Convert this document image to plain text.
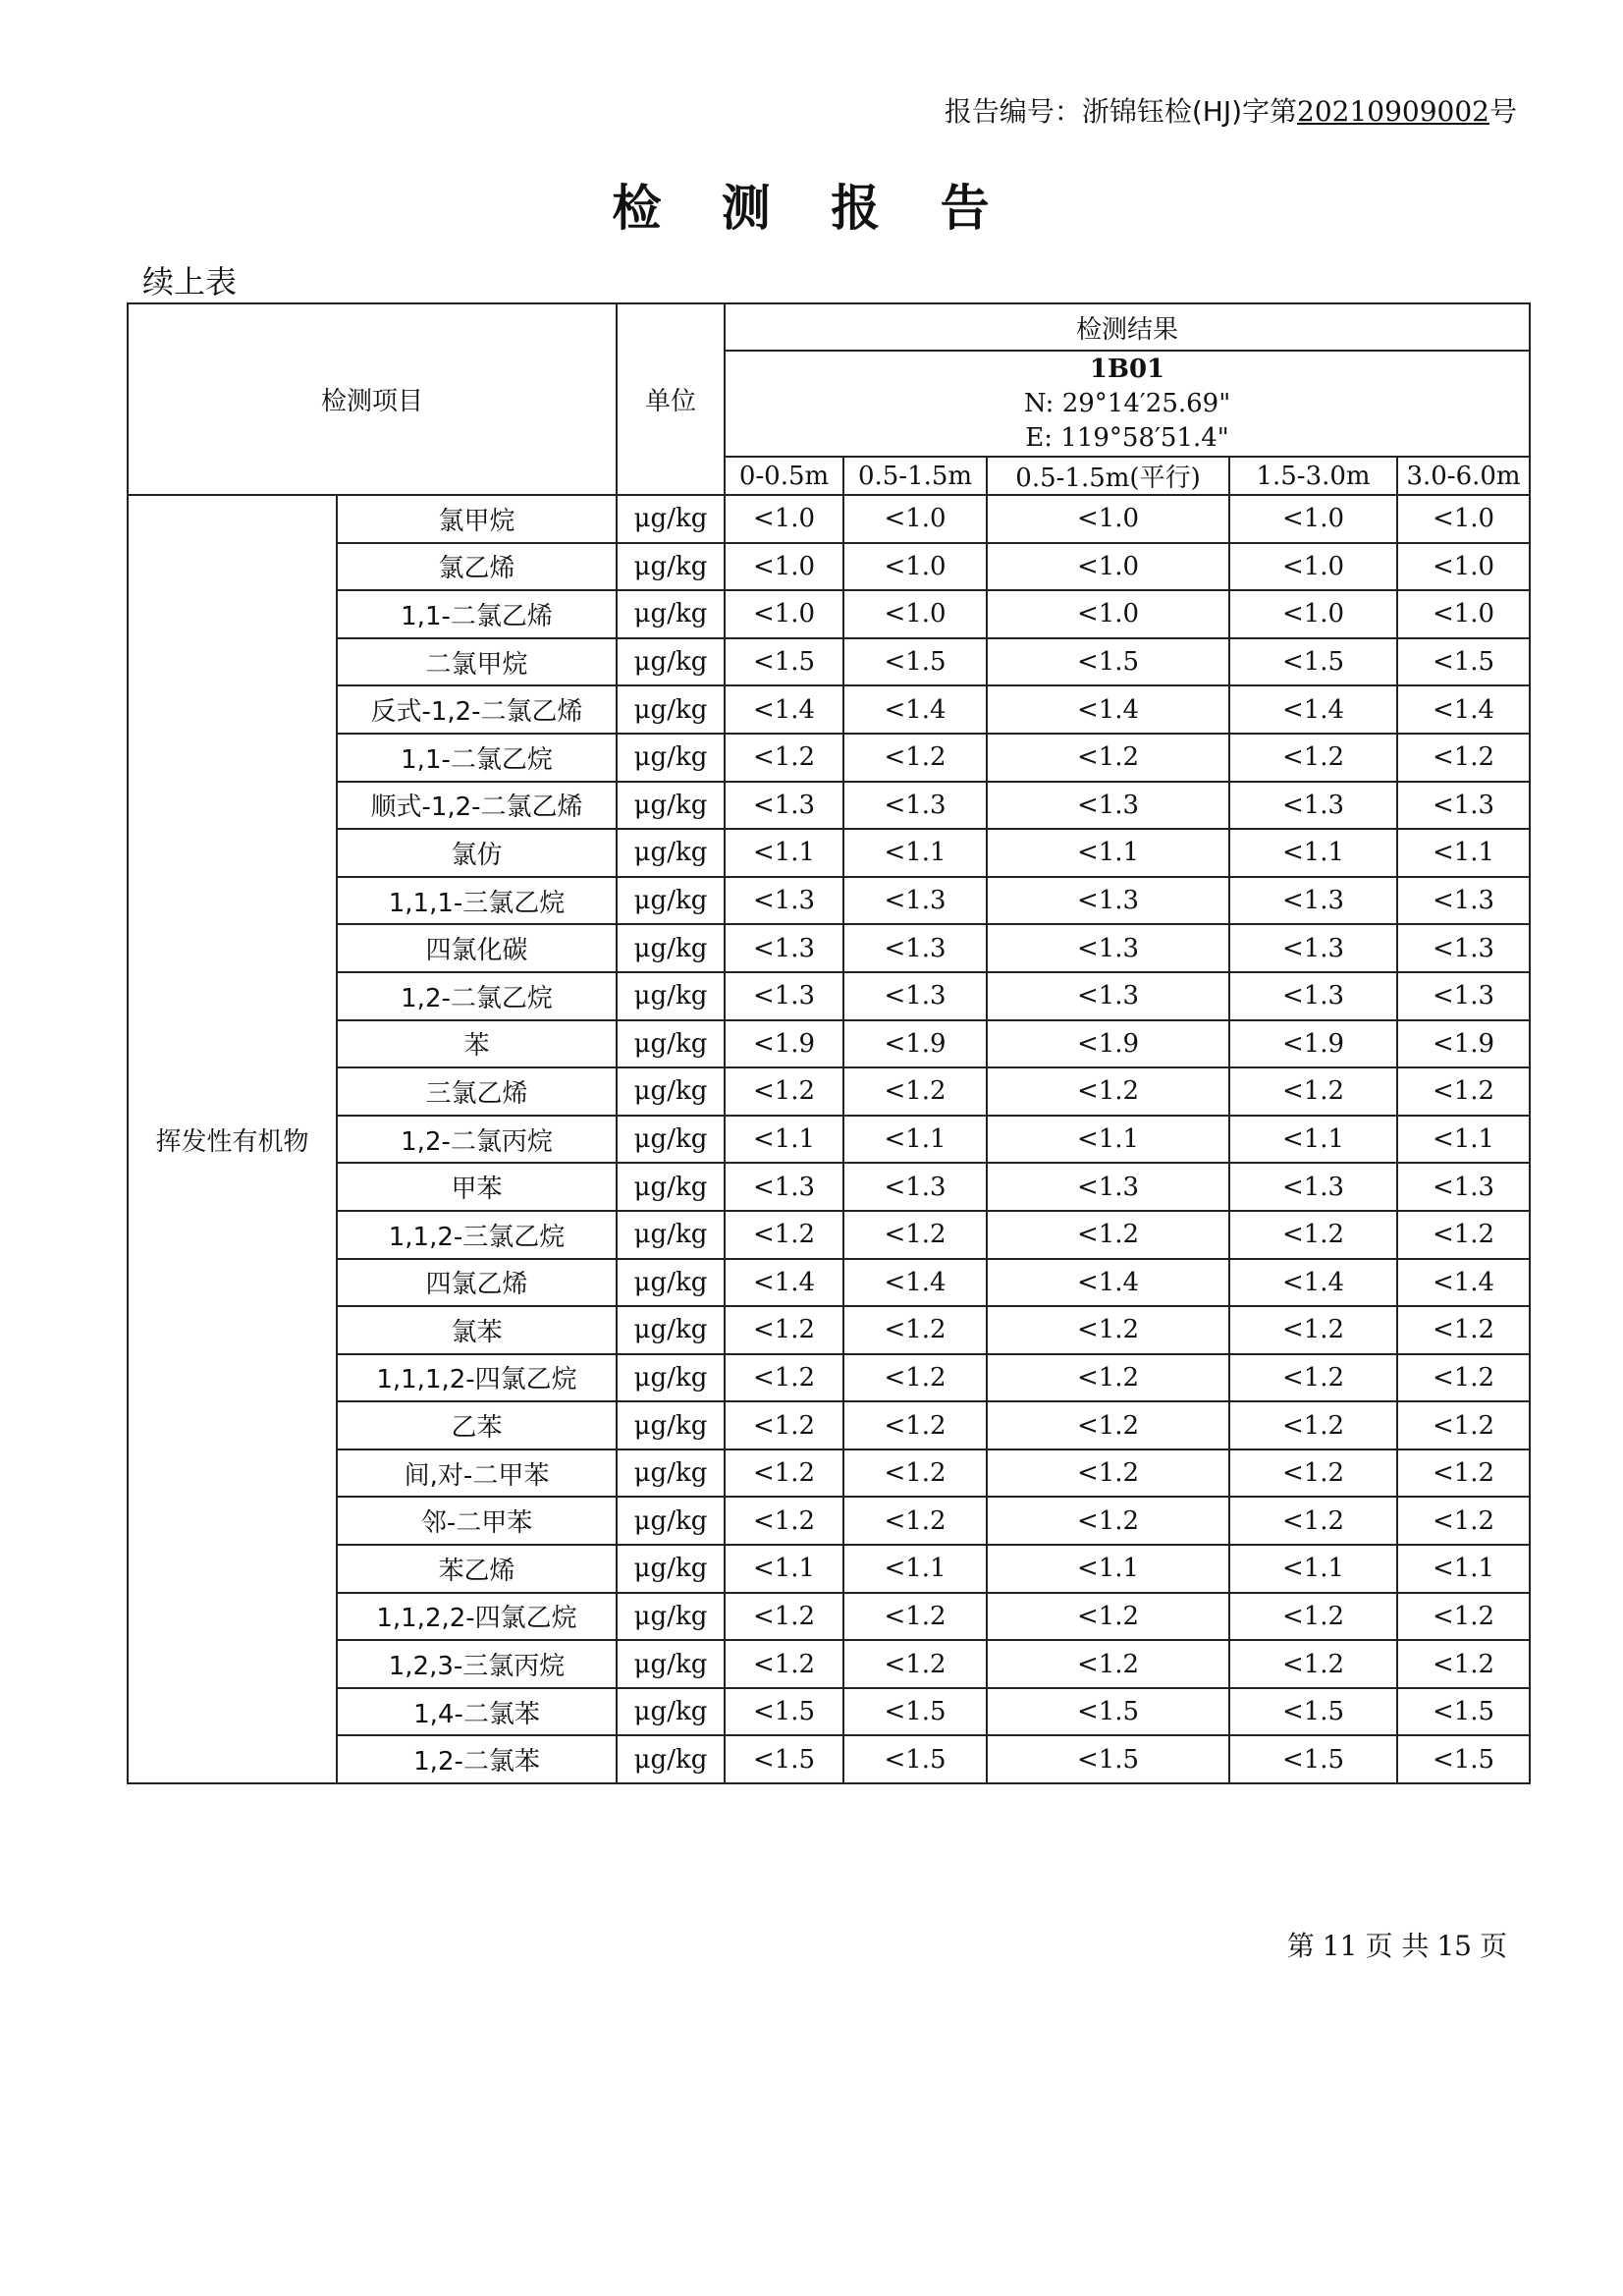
报告编号：浙锦钰检(HJ)字第20210909002号
检 测 报 告
续上表
检测项目		单位	检测结果				

			1B01
N: 29°14′25.69"
E: 119°58′51.4"				

			0-0.5m	0.5-1.5m	0.5-1.5m(平行)	1.5-3.0m	3.0-6.0m
挥发性有机物	氯甲烷	μg/kg	<1.0	<1.0	<1.0	<1.0	<1.0
	氯乙烯	μg/kg	<1.0	<1.0	<1.0	<1.0	<1.0
	1,1-二氯乙烯	μg/kg	<1.0	<1.0	<1.0	<1.0	<1.0
	二氯甲烷	μg/kg	<1.5	<1.5	<1.5	<1.5	<1.5
	反式-1,2-二氯乙烯	μg/kg	<1.4	<1.4	<1.4	<1.4	<1.4
	1,1-二氯乙烷	μg/kg	<1.2	<1.2	<1.2	<1.2	<1.2
	顺式-1,2-二氯乙烯	μg/kg	<1.3	<1.3	<1.3	<1.3	<1.3
	氯仿	μg/kg	<1.1	<1.1	<1.1	<1.1	<1.1
	1,1,1-三氯乙烷	μg/kg	<1.3	<1.3	<1.3	<1.3	<1.3
	四氯化碳	μg/kg	<1.3	<1.3	<1.3	<1.3	<1.3
	1,2-二氯乙烷	μg/kg	<1.3	<1.3	<1.3	<1.3	<1.3
	苯	μg/kg	<1.9	<1.9	<1.9	<1.9	<1.9
	三氯乙烯	μg/kg	<1.2	<1.2	<1.2	<1.2	<1.2
	1,2-二氯丙烷	μg/kg	<1.1	<1.1	<1.1	<1.1	<1.1
	甲苯	μg/kg	<1.3	<1.3	<1.3	<1.3	<1.3
	1,1,2-三氯乙烷	μg/kg	<1.2	<1.2	<1.2	<1.2	<1.2
	四氯乙烯	μg/kg	<1.4	<1.4	<1.4	<1.4	<1.4
	氯苯	μg/kg	<1.2	<1.2	<1.2	<1.2	<1.2
	1,1,1,2-四氯乙烷	μg/kg	<1.2	<1.2	<1.2	<1.2	<1.2
	乙苯	μg/kg	<1.2	<1.2	<1.2	<1.2	<1.2
	间,对-二甲苯	μg/kg	<1.2	<1.2	<1.2	<1.2	<1.2
	邻-二甲苯	μg/kg	<1.2	<1.2	<1.2	<1.2	<1.2
	苯乙烯	μg/kg	<1.1	<1.1	<1.1	<1.1	<1.1
	1,1,2,2-四氯乙烷	μg/kg	<1.2	<1.2	<1.2	<1.2	<1.2
	1,2,3-三氯丙烷	μg/kg	<1.2	<1.2	<1.2	<1.2	<1.2
	1,4-二氯苯	μg/kg	<1.5	<1.5	<1.5	<1.5	<1.5
	1,2-二氯苯	μg/kg	<1.5	<1.5	<1.5	<1.5	<1.5
第 11 页 共 15 页
